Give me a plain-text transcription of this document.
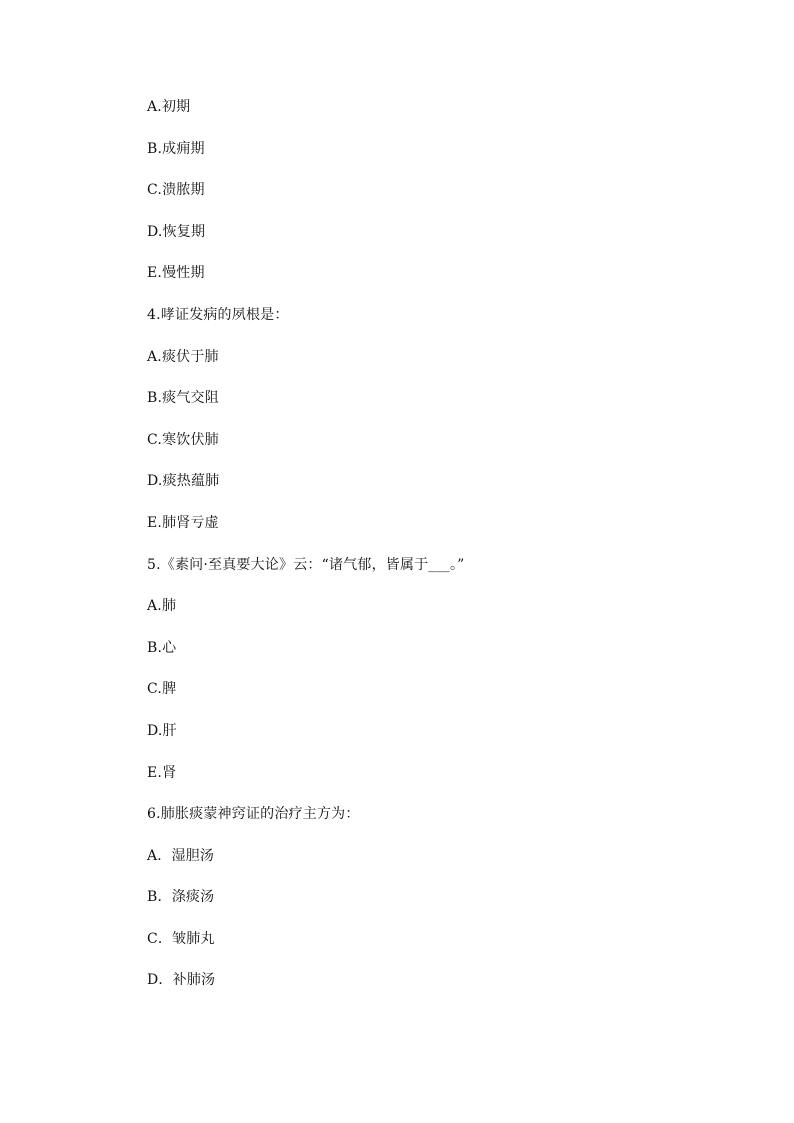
A.初期
B.成痈期
C.溃脓期
D.恢复期
E.慢性期
4.哮证发病的夙根是：
A.痰伏于肺
B.痰气交阻
C.寒饮伏肺
D.痰热蕴肺
E.肺肾亏虚
5.《素问·至真要大论》云：“诸气郁，皆属于___。”
A.肺
B.心
C.脾
D.肝
E.肾
6.肺胀痰蒙神窍证的治疗主方为：
A．湿胆汤
B．涤痰汤
C．皱肺丸
D．补肺汤
